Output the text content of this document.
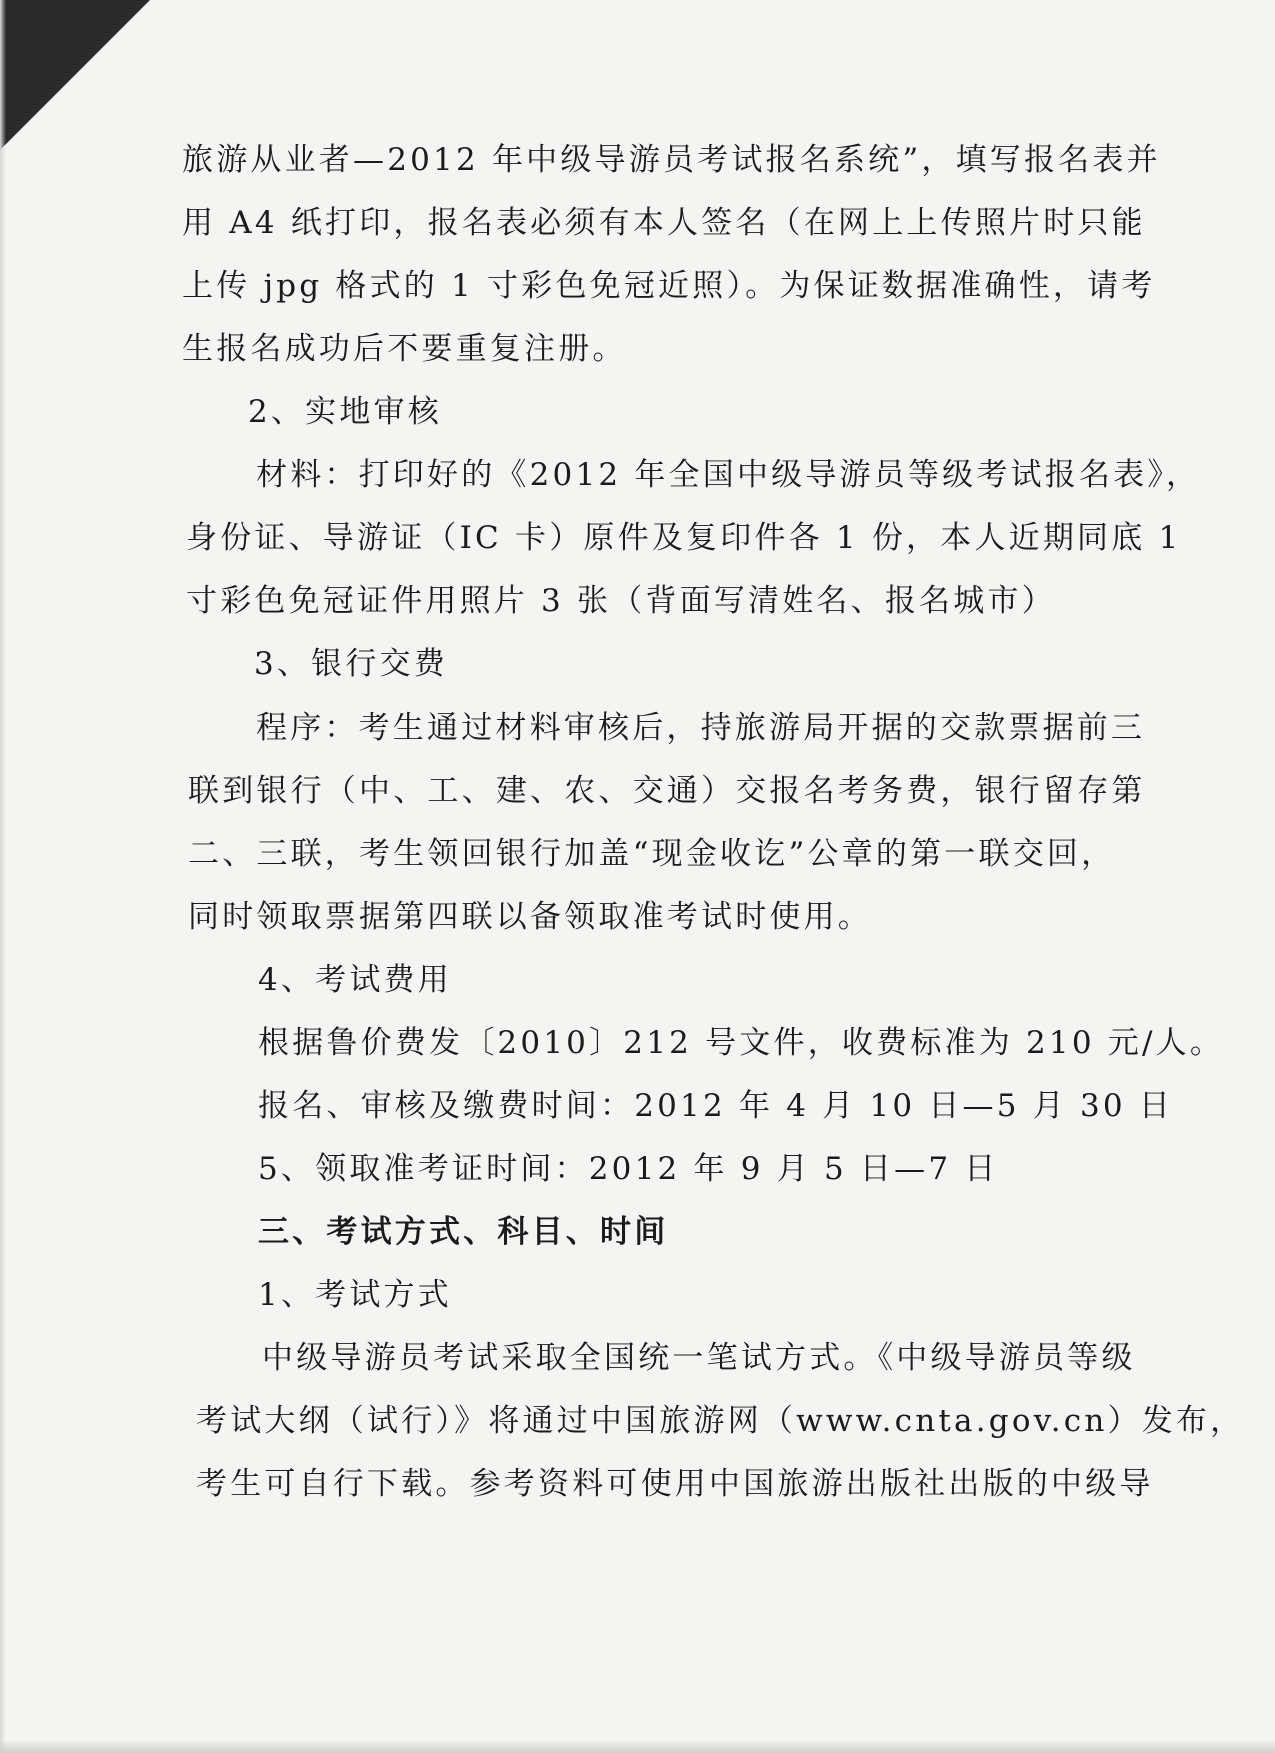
旅游从业者—2012 年中级导游员考试报名系统”，填写报名表并
用 A4 纸打印，报名表必须有本人签名（在网上上传照片时只能
上传 jpg 格式的 1 寸彩色免冠近照）。为保证数据准确性，请考
生报名成功后不要重复注册。
2、实地审核
材料：打印好的《2012 年全国中级导游员等级考试报名表》，
身份证、导游证（IC 卡）原件及复印件各 1 份，本人近期同底 1
寸彩色免冠证件用照片 3 张（背面写清姓名、报名城市）
3、银行交费
程序：考生通过材料审核后，持旅游局开据的交款票据前三
联到银行（中、工、建、农、交通）交报名考务费，银行留存第
二、三联，考生领回银行加盖“现金收讫”公章的第一联交回，
同时领取票据第四联以备领取准考试时使用。
4、考试费用
根据鲁价费发〔2010〕212 号文件，收费标准为 210 元/人。
报名、审核及缴费时间：2012 年 4 月 10 日—5 月 30 日
5、领取准考证时间：2012 年 9 月 5 日—7 日
三、考试方式、科目、时间
1、考试方式
中级导游员考试采取全国统一笔试方式。《中级导游员等级
考试大纲（试行）》将通过中国旅游网（www.cnta.gov.cn）发布，
考生可自行下载。参考资料可使用中国旅游出版社出版的中级导
